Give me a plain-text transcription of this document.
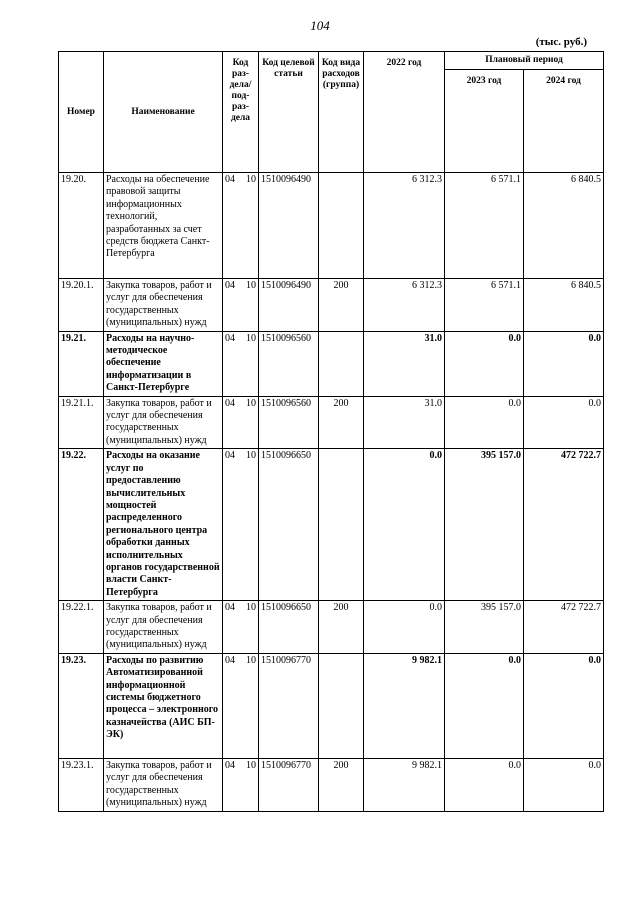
104
(тыс. руб.)
Номер	Наименование	Код раз-дела/ под-раз-дела	Код целевой статьи	Код вида расходов (группа)	2022 год	Плановый период	
						2023 год	2024 год
19.20.	Расходы на обеспечение правовой защиты информационных технологий, разработанных за счет средств бюджета Санкт-Петербурга	04 10	1510096490		6 312.3	6 571.1	6 840.5
19.20.1.	Закупка товаров, работ и услуг для обеспечения государственных (муниципальных) нужд	04 10	1510096490	200	6 312.3	6 571.1	6 840.5
19.21.	Расходы на научно-методическое обеспечение информатизации в Санкт-Петербурге	04 10	1510096560		31.0	0.0	0.0
19.21.1.	Закупка товаров, работ и услуг для обеспечения государственных (муниципальных) нужд	04 10	1510096560	200	31.0	0.0	0.0
19.22.	Расходы на оказание услуг по предоставлению вычислительных мощностей распределенного регионального центра обработки данных исполнительных органов государственной власти Санкт-Петербурга	04 10	1510096650		0.0	395 157.0	472 722.7
19.22.1.	Закупка товаров, работ и услуг для обеспечения государственных (муниципальных) нужд	04 10	1510096650	200	0.0	395 157.0	472 722.7
19.23.	Расходы по развитию Автоматизированной информационной системы бюджетного процесса – электронного казначейства (АИС БП-ЭК)	04 10	1510096770		9 982.1	0.0	0.0
19.23.1.	Закупка товаров, работ и услуг для обеспечения государственных (муниципальных) нужд	04 10	1510096770	200	9 982.1	0.0	0.0
